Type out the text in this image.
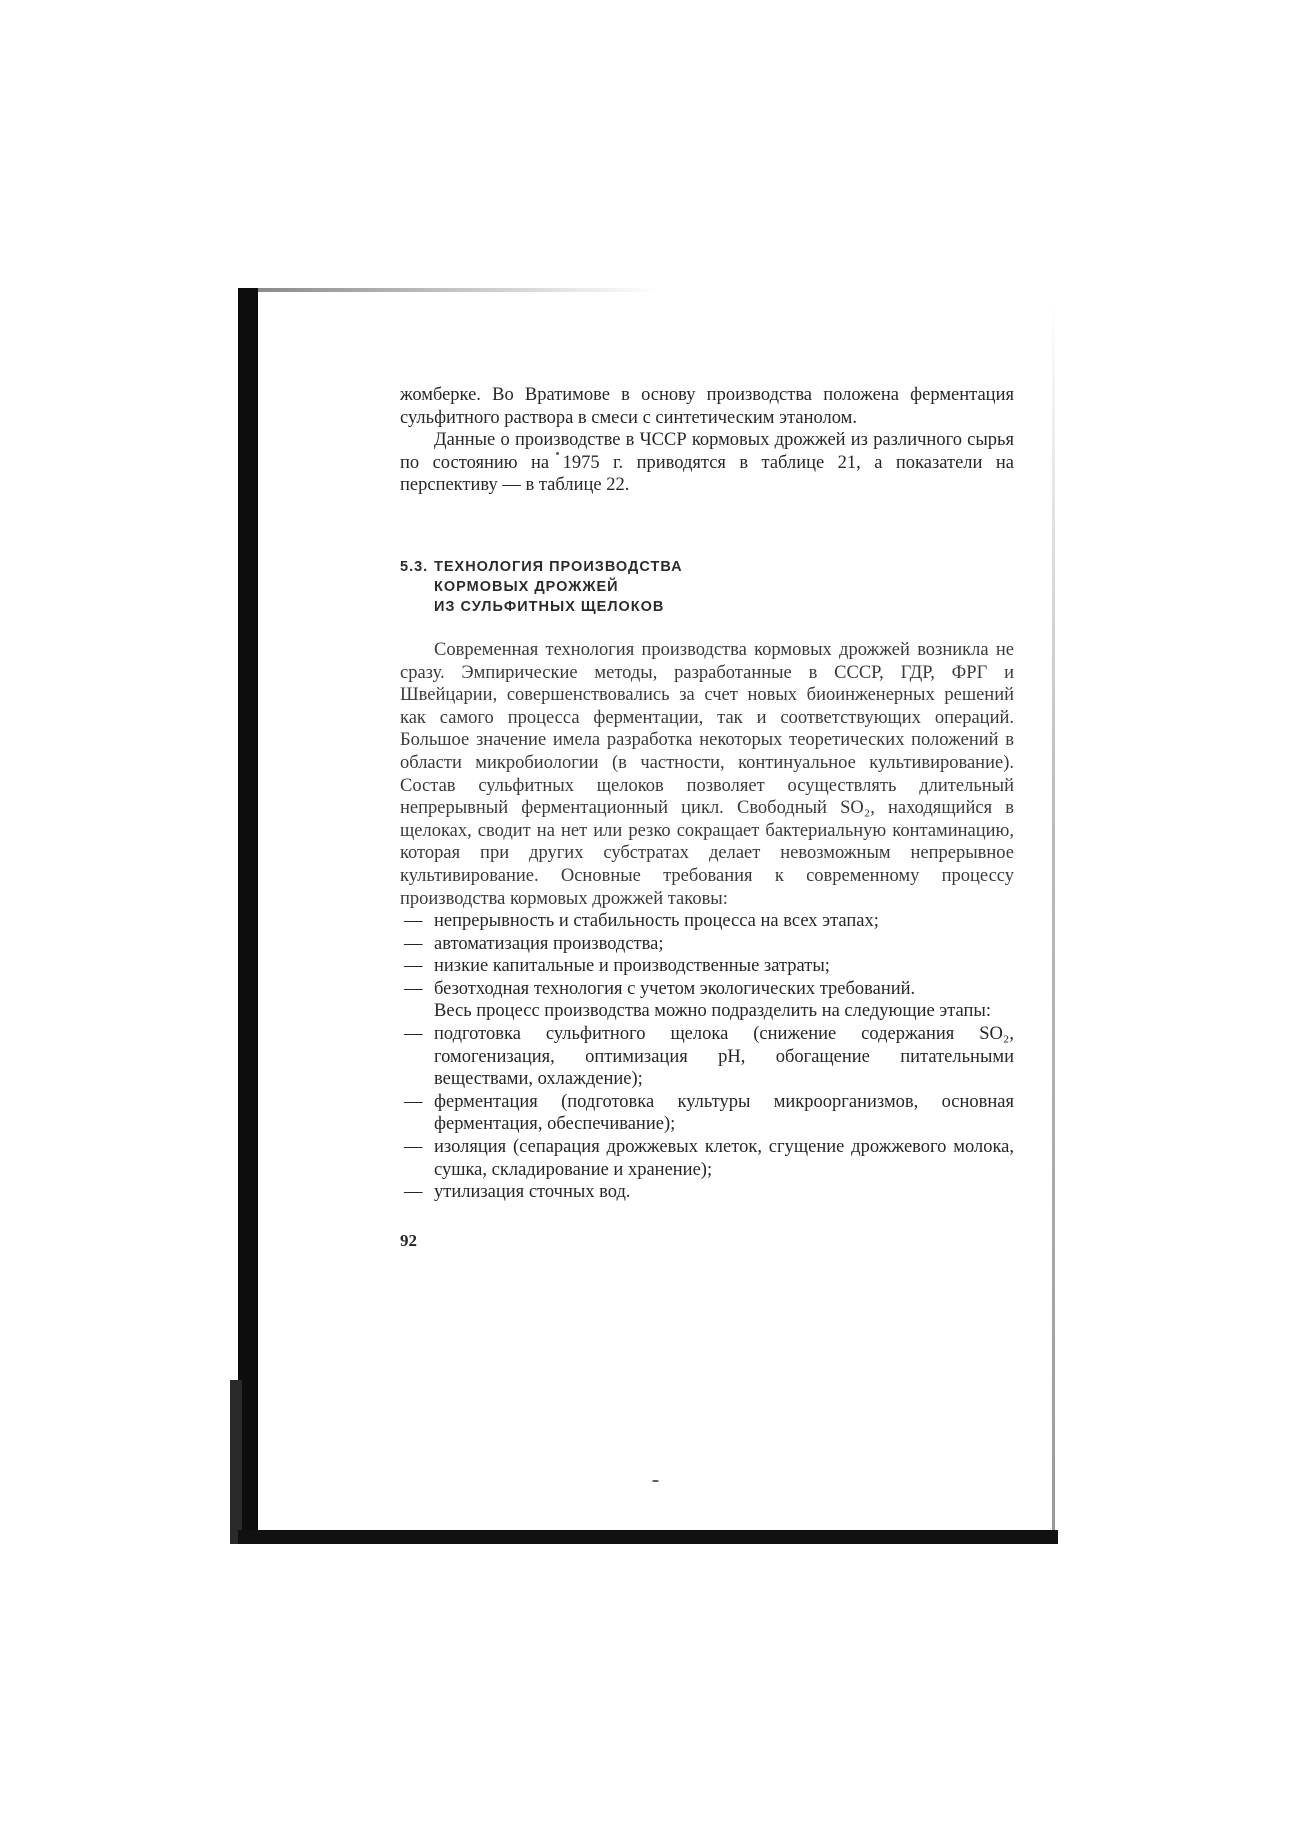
жомберке. Во Вратимове в основу производства положена ферментация сульфитного раствора в смеси с синтетическим этанолом.

Данные о производстве в ЧССР кормовых дрожжей из различного сырья по состоянию на 1975 г. приводятся в таблице 21, а показатели на перспективу — в таблице 22.

5.3. ТЕХНОЛОГИЯ ПРОИЗВОДСТВА
КОРМОВЫХ ДРОЖЖЕЙ
ИЗ СУЛЬФИТНЫХ ЩЕЛОКОВ

Современная технология производства кормовых дрожжей возникла не сразу. Эмпирические методы, разработанные в СССР, ГДР, ФРГ и Швейцарии, совершенствовались за счет новых биоинженерных решений как самого процесса ферментации, так и соответствующих операций. Большое значение имела разработка некоторых теоретических положений в области микробиологии (в частности, континуальное культивирование). Состав сульфитных щелоков позволяет осуществлять длительный непрерывный ферментационный цикл. Свободный SO₂, находящийся в щелоках, сводит на нет или резко сокращает бактериальную контаминацию, которая при других субстратах делает невозможным непрерывное культивирование. Основные требования к современному процессу производства кормовых дрожжей таковы:

— непрерывность и стабильность процесса на всех этапах;
— автоматизация производства;
— низкие капитальные и производственные затраты;
— безотходная технология с учетом экологических требований.

Весь процесс производства можно подразделить на следующие этапы:

— подготовка сульфитного щелока (снижение содержания SO₂, гомогенизация, оптимизация pH, обогащение питательными веществами, охлаждение);
— ферментация (подготовка культуры микроорганизмов, основная ферментация, обеспечивание);
— изоляция (сепарация дрожжевых клеток, сгущение дрожжевого молока, сушка, складирование и хранение);
— утилизация сточных вод.
92
